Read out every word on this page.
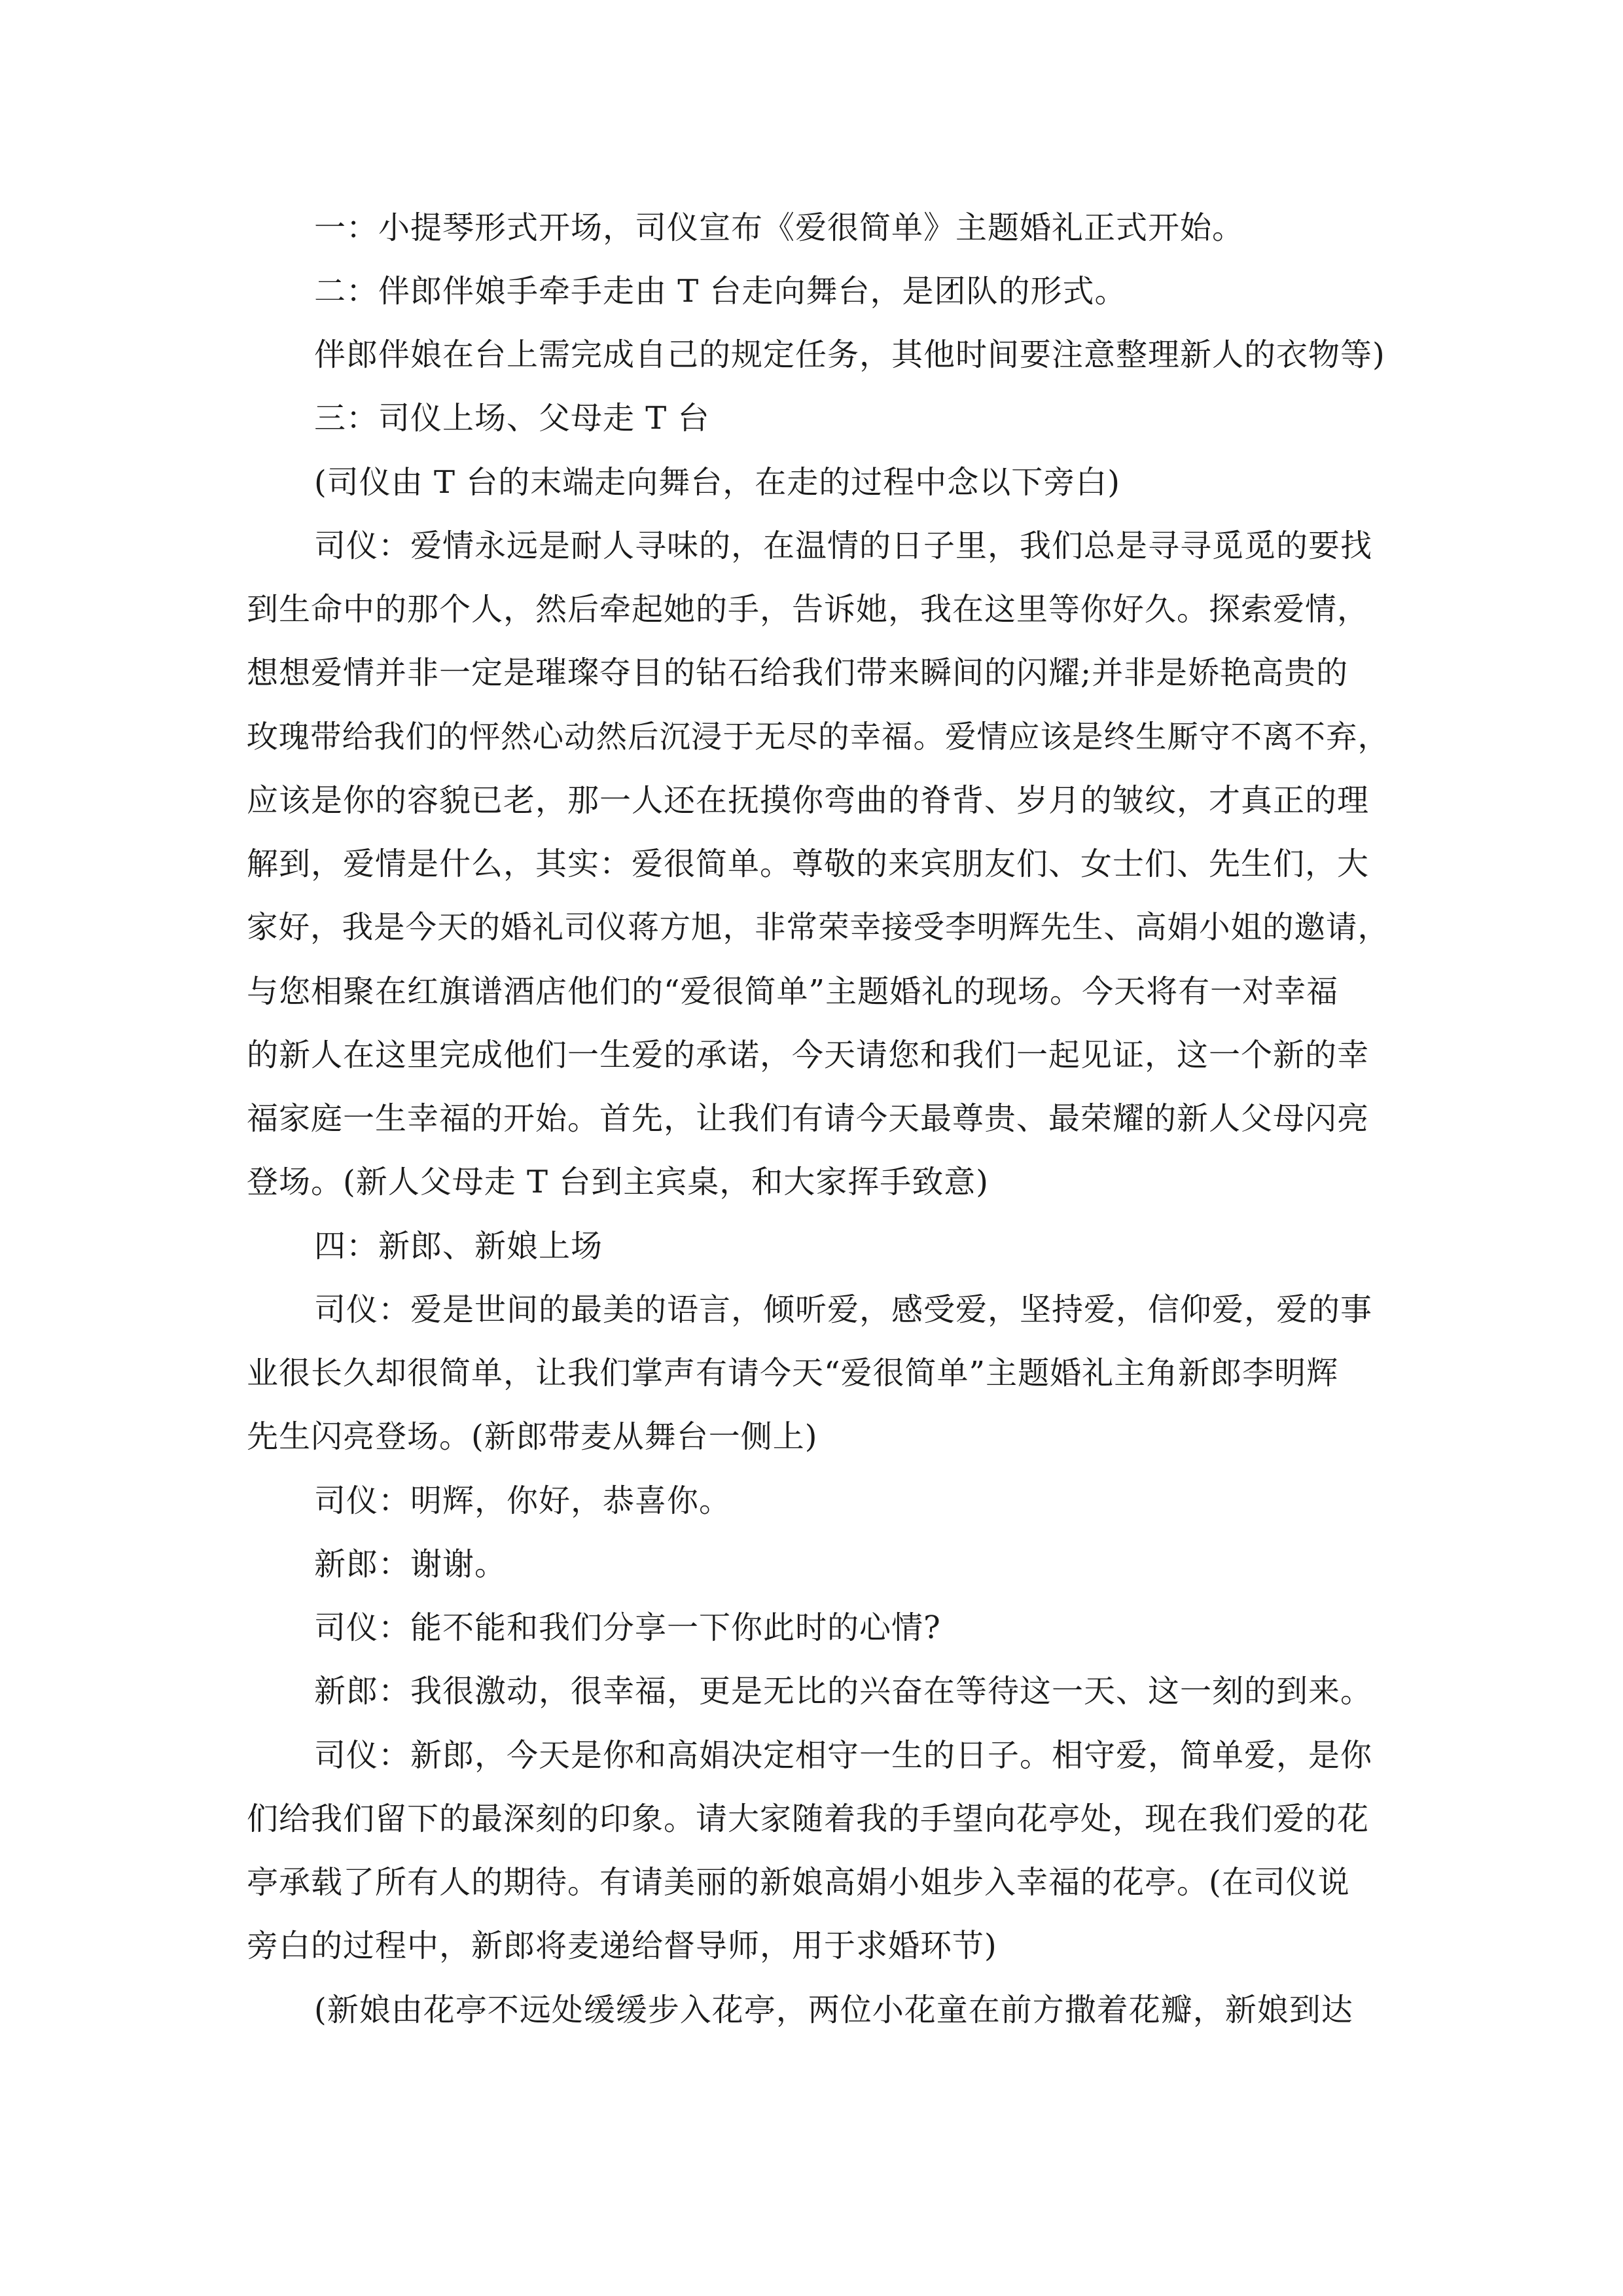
一：小提琴形式开场，司仪宣布《爱很简单》主题婚礼正式开始。
二：伴郎伴娘手牵手走由 T 台走向舞台，是团队的形式。
伴郎伴娘在台上需完成自己的规定任务，其他时间要注意整理新人的衣物等)
三：司仪上场、父母走 T 台
(司仪由 T 台的末端走向舞台，在走的过程中念以下旁白)
司仪：爱情永远是耐人寻味的，在温情的日子里，我们总是寻寻觅觅的要找
到生命中的那个人，然后牵起她的手，告诉她，我在这里等你好久。探索爱情，
想想爱情并非一定是璀璨夺目的钻石给我们带来瞬间的闪耀;并非是娇艳高贵的
玫瑰带给我们的怦然心动然后沉浸于无尽的幸福。爱情应该是终生厮守不离不弃，
应该是你的容貌已老，那一人还在抚摸你弯曲的脊背、岁月的皱纹，才真正的理
解到，爱情是什么，其实：爱很简单。尊敬的来宾朋友们、女士们、先生们，大
家好，我是今天的婚礼司仪蒋方旭，非常荣幸接受李明辉先生、高娟小姐的邀请，
与您相聚在红旗谱酒店他们的“爱很简单”主题婚礼的现场。今天将有一对幸福
的新人在这里完成他们一生爱的承诺，今天请您和我们一起见证，这一个新的幸
福家庭一生幸福的开始。首先，让我们有请今天最尊贵、最荣耀的新人父母闪亮
登场。(新人父母走 T 台到主宾桌，和大家挥手致意)
四：新郎、新娘上场
司仪：爱是世间的最美的语言，倾听爱，感受爱，坚持爱，信仰爱，爱的事
业很长久却很简单，让我们掌声有请今天“爱很简单”主题婚礼主角新郎李明辉
先生闪亮登场。(新郎带麦从舞台一侧上)
司仪：明辉，你好，恭喜你。
新郎：谢谢。
司仪：能不能和我们分享一下你此时的心情?
新郎：我很激动，很幸福，更是无比的兴奋在等待这一天、这一刻的到来。
司仪：新郎，今天是你和高娟决定相守一生的日子。相守爱，简单爱，是你
们给我们留下的最深刻的印象。请大家随着我的手望向花亭处，现在我们爱的花
亭承载了所有人的期待。有请美丽的新娘高娟小姐步入幸福的花亭。(在司仪说
旁白的过程中，新郎将麦递给督导师，用于求婚环节)
(新娘由花亭不远处缓缓步入花亭，两位小花童在前方撒着花瓣，新娘到达
